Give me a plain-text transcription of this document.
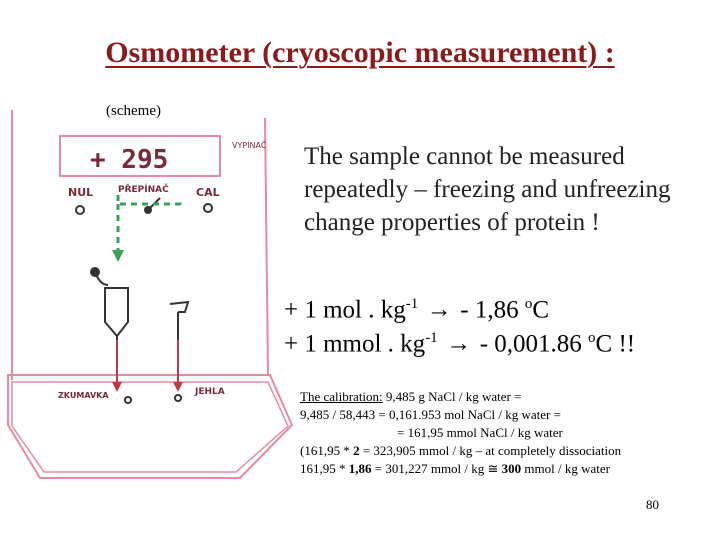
Osmometer (cryoscopic measurement) :
+ 295	VYPÍNAČ
NUL	PŘEPÍNAČ CAL
ZKUMAVKA	JEHLA
(scheme)
The sample cannot be measured repeatedly – freezing and unfreezing change properties of protein !
+ 1 mol . $kg^{-1}$ → - 1,86 $^o$C
+ 1 mmol . $kg^{-1}$ → - 0,001.86 $^o$C !!
The calibration: 9,485 g NaCl / kg water =
9,485 / 58,443 = 0,161.953 mol NaCl / kg water =
= 161,95 mmol NaCl / kg water
(161,95 * 2 = 323,905 mmol / kg – at completely dissociation
161,95 * 1,86 = 301,227 mmol / kg ≅ 300 mmol / kg water
80
